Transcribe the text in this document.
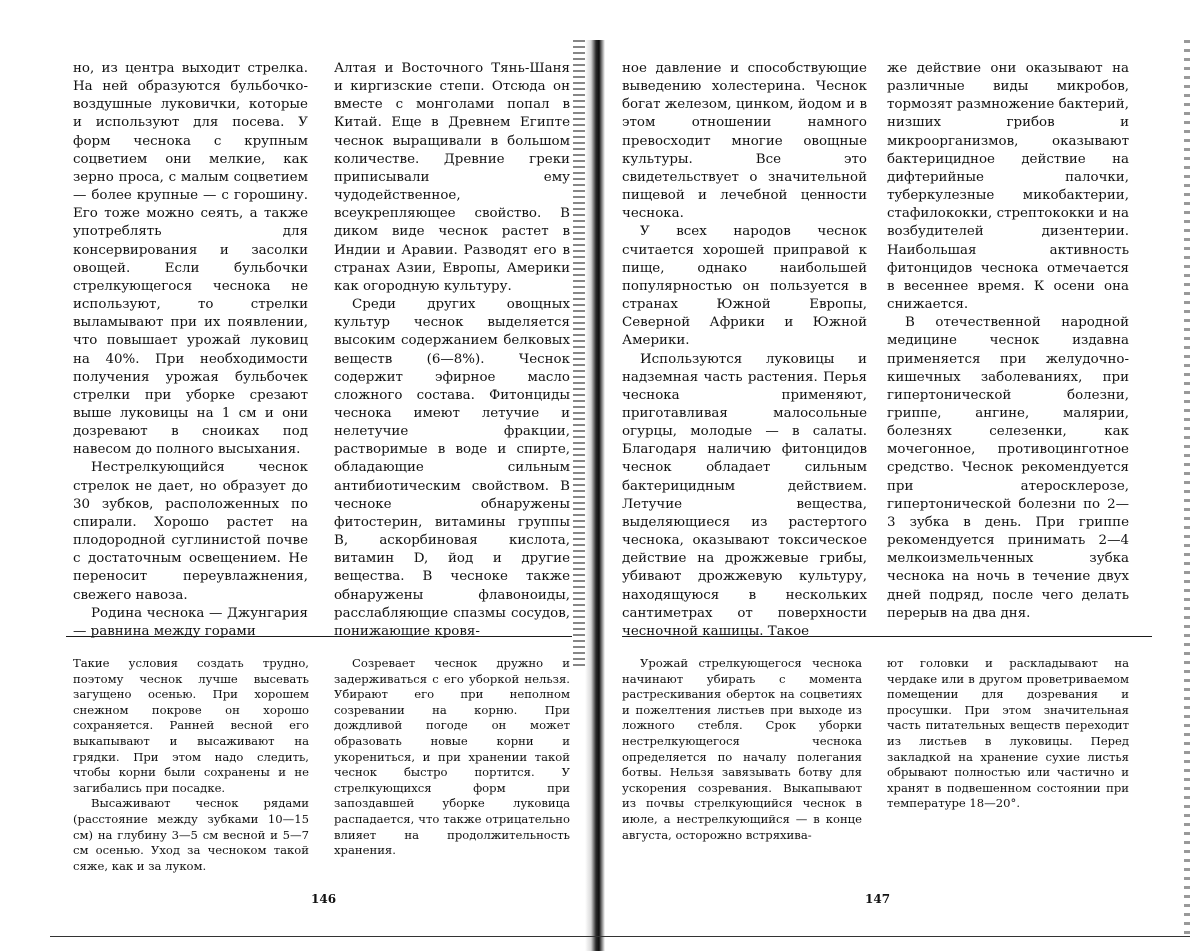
но, из центра выходит стрелка. На ней образуются бульбочко-воздушные луковички, которые и используют для посева. У форм чеснока с крупным соцветием они мелкие, как зерно проса, с малым соцветием — более крупные — с горошину. Его тоже можно сеять, а также употреблять для консервирования и засолки овощей. Если бульбочки стрелкующегося чеснока не используют, то стрелки выламывают при их появлении, что повышает урожай луковиц на 40%. При необходимости получения урожая бульбочек стрелки при уборке срезают выше луковицы на 1 см и они дозревают в сноиках под навесом до полного высыхания.

Нестрелкующийся чеснок стрелок не дает, но образует до 30 зубков, расположенных по спирали. Хорошо растет на плодородной суглинистой почве с достаточным освещением. Не переносит переувлажнения, свежего навоза.

Родина чеснока — Джунгария — равнина между горами

Алтая и Восточного Тянь-Шаня и киргизские степи. Отсюда он вместе с монголами попал в Китай. Еще в Древнем Египте чеснок выращивали в большом количестве. Древние греки приписывали ему чудодейственное, всеукрепляющее свойство. В диком виде чеснок растет в Индии и Аравии. Разводят его в странах Азии, Европы, Америки как огородную культуру.

Среди других овощных культур чеснок выделяется высоким содержанием белковых веществ (6—8%). Чеснок содержит эфирное масло сложного состава. Фитонциды чеснока имеют летучие и нелетучие фракции, растворимые в воде и спирте, обладающие сильным антибиотическим свойством. В чесноке обнаружены фитостерин, витамины группы В, аскорбиновая кислота, витамин D, йод и другие вещества. В чесноке также обнаружены флавоноиды, расслабляющие спазмы сосудов, понижающие кровя-

Такие условия создать трудно, поэтому чеснок лучше высевать загущено осенью. При хорошем снежном покрове он хорошо сохраняется. Ранней весной его выкапывают и высаживают на грядки. При этом надо следить, чтобы корни были сохранены и не загибались при посадке.

Высаживают чеснок рядами (расстояние между зубками 10—15 см) на глубину 3—5 см весной и 5—7 см осенью. Уход за чесноком такой сяже, как и за луком.

Созревает чеснок дружно и задерживаться с его уборкой нельзя. Убирают его при неполном созревании на корню. При дождливой погоде он может образовать новые корни и укорениться, и при хранении такой чеснок быстро портится. У стрелкующихся форм при запоздавшей уборке луковица распадается, что также отрицательно влияет на продолжительность хранения.

146

ное давление и способствующие выведению холестерина. Чеснок богат железом, цинком, йодом и в этом отношении намного превосходит многие овощные культуры. Все это свидетельствует о значительной пищевой и лечебной ценности чеснока.

У всех народов чеснок считается хорошей приправой к пище, однако наибольшей популярностью он пользуется в странах Южной Европы, Северной Африки и Южной Америки.

Используются луковицы и надземная часть растения. Перья чеснока применяют, приготавливая малосольные огурцы, молодые — в салаты. Благодаря наличию фитонцидов чеснок обладает сильным бактерицидным действием. Летучие вещества, выделяющиеся из растертого чеснока, оказывают токсическое действие на дрожжевые грибы, убивают дрожжевую культуру, находящуюся в нескольких сантиметрах от поверхности чесночной кашицы. Такое

же действие они оказывают на различные виды микробов, тормозят размножение бактерий, низших грибов и микроорганизмов, оказывают бактерицидное действие на дифтерийные палочки, туберкулезные микобактерии, стафилококки, стрептококки и на возбудителей дизентерии. Наибольшая активность фитонцидов чеснока отмечается в весеннее время. К осени она снижается.

В отечественной народной медицине чеснок издавна применяется при желудочно-кишечных заболеваниях, при гипертонической болезни, гриппе, ангине, малярии, болезнях селезенки, как мочегонное, противоцинготное средство. Чеснок рекомендуется при атеросклерозе, гипертонической болезни по 2—3 зубка в день. При гриппе рекомендуется принимать 2—4 мелкоизмельченных зубка чеснока на ночь в течение двух дней подряд, после чего делать перерыв на два дня.

Урожай стрелкующегося чеснока начинают убирать с момента растрескивания оберток на соцветиях и пожелтения листьев при выходе из ложного стебля. Срок уборки нестрелкующегося чеснока определяется по началу полегания ботвы. Нельзя завязывать ботву для ускорения созревания. Выкапывают из почвы стрелкующийся чеснок в июле, а нестрелкующийся — в конце августа, осторожно встряхива-

ют головки и раскладывают на чердаке или в другом проветриваемом помещении для дозревания и просушки. При этом значительная часть питательных веществ переходит из листьев в луковицы. Перед закладкой на хранение сухие листья обрывают полностью или частично и хранят в подвешенном состоянии при температуре 18—20°.

147
